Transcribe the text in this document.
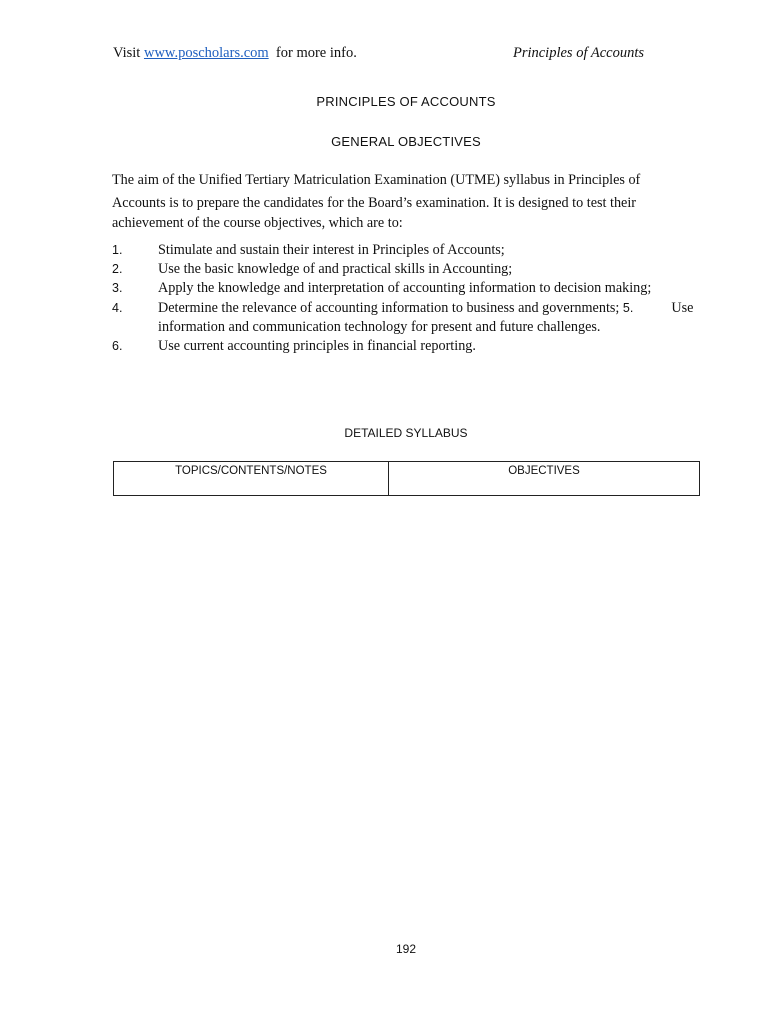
Visit www.poscholars.com  for more info.	Principles of Accounts
PRINCIPLES OF ACCOUNTS
GENERAL OBJECTIVES

The aim of the Unified Tertiary Matriculation Examination (UTME) syllabus in Principles of

Accounts is to prepare the candidates for the Board’s examination. It is designed to test their achievement of the course objectives, which are to:

1.	Stimulate and sustain their interest in Principles of Accounts;
2.	Use the basic knowledge of and practical skills in Accounting;
3.	Apply the knowledge and interpretation of accounting information to decision making;
4.	Determine the relevance of accounting information to business and governments; 5.	Use information and communication technology for present and future challenges.
6.	Use current accounting principles in financial reporting.
DETAILED SYLLABUS
TOPICS/CONTENTS/NOTES	OBJECTIVES
192
